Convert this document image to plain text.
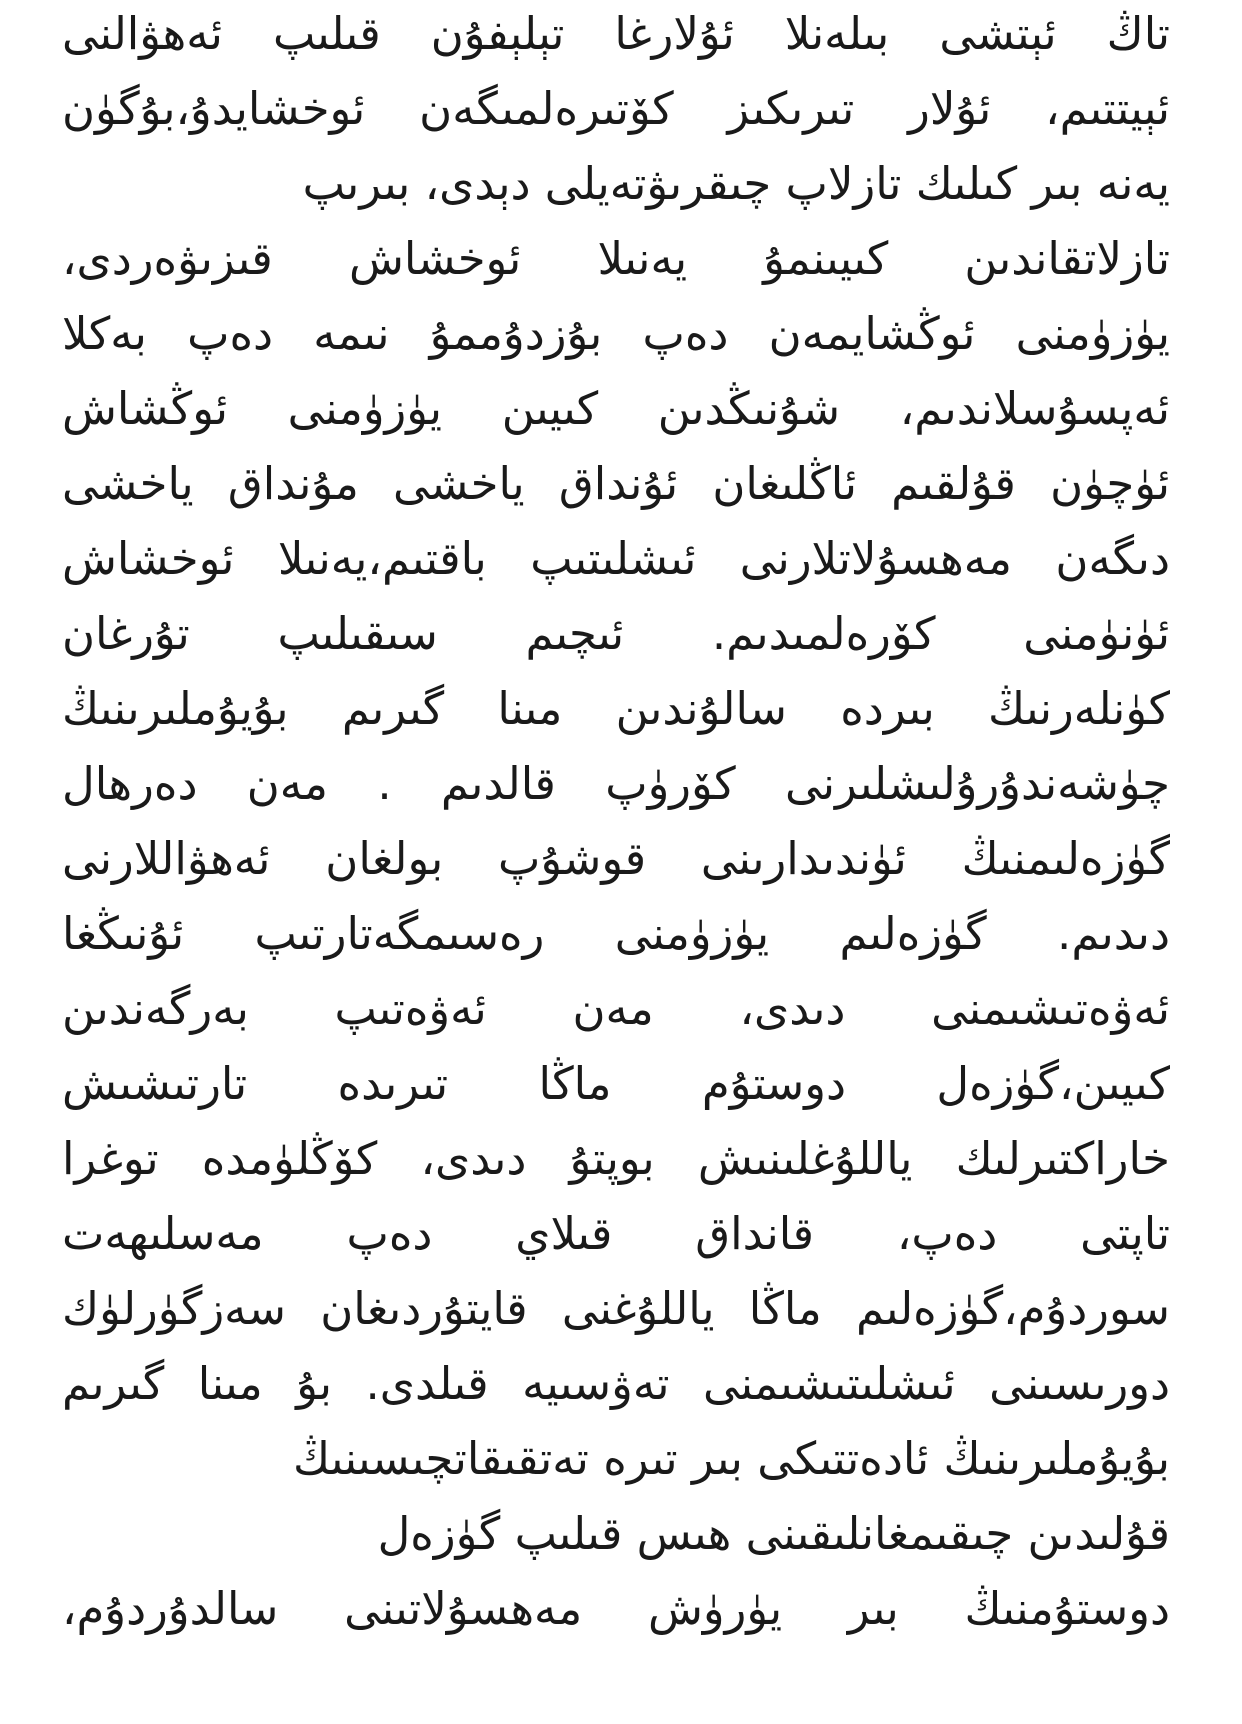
تاڭ ئېتشى بىلەنلا ئۇلارغا تېلېفۇن قىلىپ ئەھۋالنى
ئېيتتىم، ئۇلار تىرىكىز كۆتىرەلمىگەن ئوخشايدۇ،بۇگۈن
يەنە بىر كىلىك تازلاپ چىقرىۋتەيلى دېدى، بىرىپ
تازلاتقاندىن كىيىنمۇ يەنىلا ئوخشاش قىزىۋەردى،
يۈزۈمنى ئوڭشايمەن دەپ بۇزدۇممۇ نىمە دەپ بەكلا
ئەپسۇسلاندىم، شۇنىڭدىن كىيىن يۈزۈمنى ئوڭشاش
ئۈچۈن قۇلقىم ئاڭلىغان ئۇنداق ياخشى مۇنداق ياخشى
دىگەن مەھسۇلاتلارنى ئىشلىتىپ باقتىم،يەنىلا ئوخشاش
ئۈنۈمنى كۆرەلمىدىم. ئىچىم سىقىلىپ تۇرغان
كۈنلەرنىڭ بىردە سالۇندىن مىنا گىرىم بۇيۇملىرىنىڭ
چۈشەندۇرۇلىشلىرنى كۆرۈپ قالدىم . مەن دەرھال
گۈزەلىمنىڭ ئۈندىدارىنى قوشۇپ بولغان ئەھۋاللارنى
دىدىم. گۈزەلىم يۈزۈمنى رەسىمگەتارتىپ ئۇنىڭغا
ئەۋەتىشىمنى دىدى، مەن ئەۋەتىپ بەرگەندىن
كىيىن،گۈزەل دوستۇم ماڭا تىرىدە تارتىشىش
خاراكتىرلىك ياللۇغلىنىش بوپتۇ دىدى، كۆڭلۈمدە توغرا
تاپتى دەپ، قانداق قىلاي دەپ مەسلىھەت
سوردۇم،گۈزەلىم ماڭا ياللۇغنى قايتۇردىغان سەزگۈرلۈك
دورىسىنى ئىشلىتىشىمنى تەۋسىيە قىلدى. بۇ مىنا گىرىم
بۇيۇملىرىنىڭ ئادەتتىكى بىر تىرە تەتقىقاتچىسىنىڭ
قۇلىدىن چىقىمغانلىقىنى هىس قىلىپ گۈزەل
دوستۇمنىڭ بىر يۈرۈش مەھسۇلاتىنى سالدۇردۇم،
